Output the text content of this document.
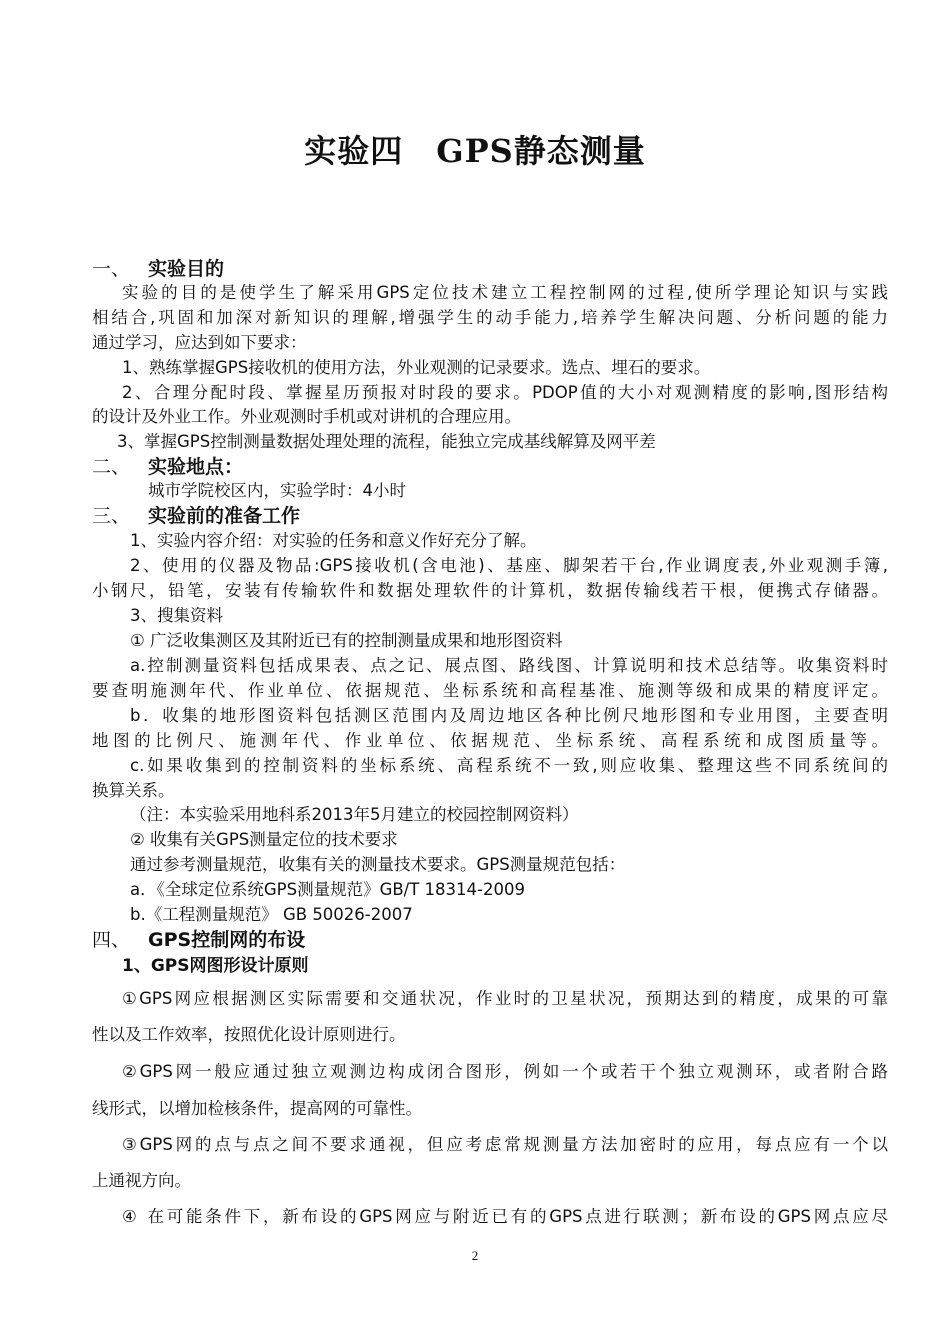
实验四　GPS静态测量
一、 实验目的
实验的目的是使学生了解采用GPS定位技术建立工程控制网的过程,使所学理论知识与实践
相结合,巩固和加深对新知识的理解,增强学生的动手能力,培养学生解决问题、分析问题的能力
通过学习，应达到如下要求：
1、熟练掌握GPS接收机的使用方法，外业观测的记录要求。选点、埋石的要求。
2、合理分配时段、掌握星历预报对时段的要求。PDOP值的大小对观测精度的影响,图形结构
的设计及外业工作。外业观测时手机或对讲机的合理应用。
3、掌握GPS控制测量数据处理处理的流程，能独立完成基线解算及网平差
二、 实验地点：
城市学院校区内，实验学时：4小时
三、 实验前的准备工作
1、实验内容介绍：对实验的任务和意义作好充分了解。
2、使用的仪器及物品:GPS接收机(含电池)、基座、脚架若干台,作业调度表,外业观测手簿,
小钢尺，铅笔，安装有传输软件和数据处理软件的计算机，数据传输线若干根，便携式存储器。
3、搜集资料
① 广泛收集测区及其附近已有的控制测量成果和地形图资料
a.控制测量资料包括成果表、点之记、展点图、路线图、计算说明和技术总结等。收集资料时
要查明施测年代、作业单位、依据规范、坐标系统和高程基准、施测等级和成果的精度评定。
b．收集的地形图资料包括测区范围内及周边地区各种比例尺地形图和专业用图，主要查明
地图的比例尺、施测年代、作业单位、依据规范、坐标系统、高程系统和成图质量等。
c.如果收集到的控制资料的坐标系统、高程系统不一致,则应收集、整理这些不同系统间的
换算关系。
（注：本实验采用地科系2013年5月建立的校园控制网资料）
② 收集有关GPS测量定位的技术要求
通过参考测量规范，收集有关的测量技术要求。GPS测量规范包括：
a．《全球定位系统GPS测量规范》GB/T 18314-2009
b.《工程测量规范》 GB 50026-2007
四、 GPS控制网的布设
1、GPS网图形设计原则
①GPS网应根据测区实际需要和交通状况，作业时的卫星状况，预期达到的精度，成果的可靠
性以及工作效率，按照优化设计原则进行。
②GPS网一般应通过独立观测边构成闭合图形，例如一个或若干个独立观测环，或者附合路
线形式，以增加检核条件，提高网的可靠性。
③GPS网的点与点之间不要求通视，但应考虑常规测量方法加密时的应用，每点应有一个以
上通视方向。
④ 在可能条件下，新布设的GPS网应与附近已有的GPS点进行联测；新布设的GPS网点应尽
2
